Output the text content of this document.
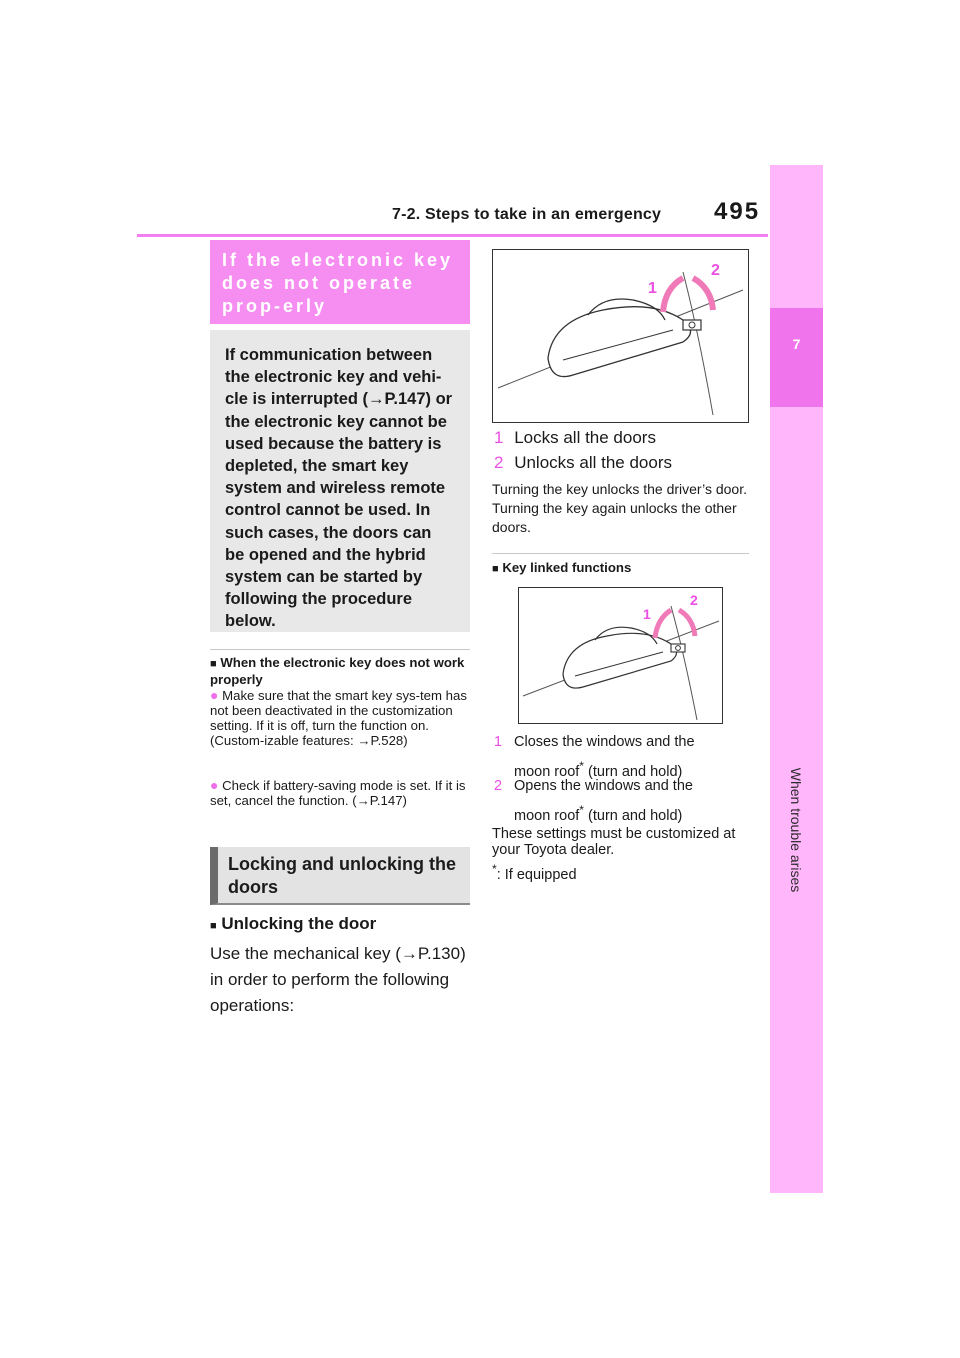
7-2. Steps to take in an emergency 495
7
When trouble arises
If the electronic key does not operate prop-erly
If communication between the electronic key and vehi-cle is interrupted (→P.147) or the electronic key cannot be used because the battery is depleted, the smart key system and wireless remote control cannot be used. In such cases, the doors can be opened and the hybrid system can be started by following the procedure below.
■ When the electronic key does not work properly
● Make sure that the smart key sys-tem has not been deactivated in the customization setting. If it is off, turn the function on. (Custom-izable features: →P.528)
● Check if battery-saving mode is set. If it is set, cancel the function. (→P.147)
Locking and unlocking the doors
■ Unlocking the door
Use the mechanical key (→P.130) in order to perform the following operations:
1
2
1 Locks all the doors
2 Unlocks all the doors
Turning the key unlocks the driver’s door. Turning the key again unlocks the other doors.
■ Key linked functions
1
2
1 Closes the windows and the moon roof* (turn and hold)
2 Opens the windows and the moon roof* (turn and hold)
These settings must be customized at your Toyota dealer.
*: If equipped
